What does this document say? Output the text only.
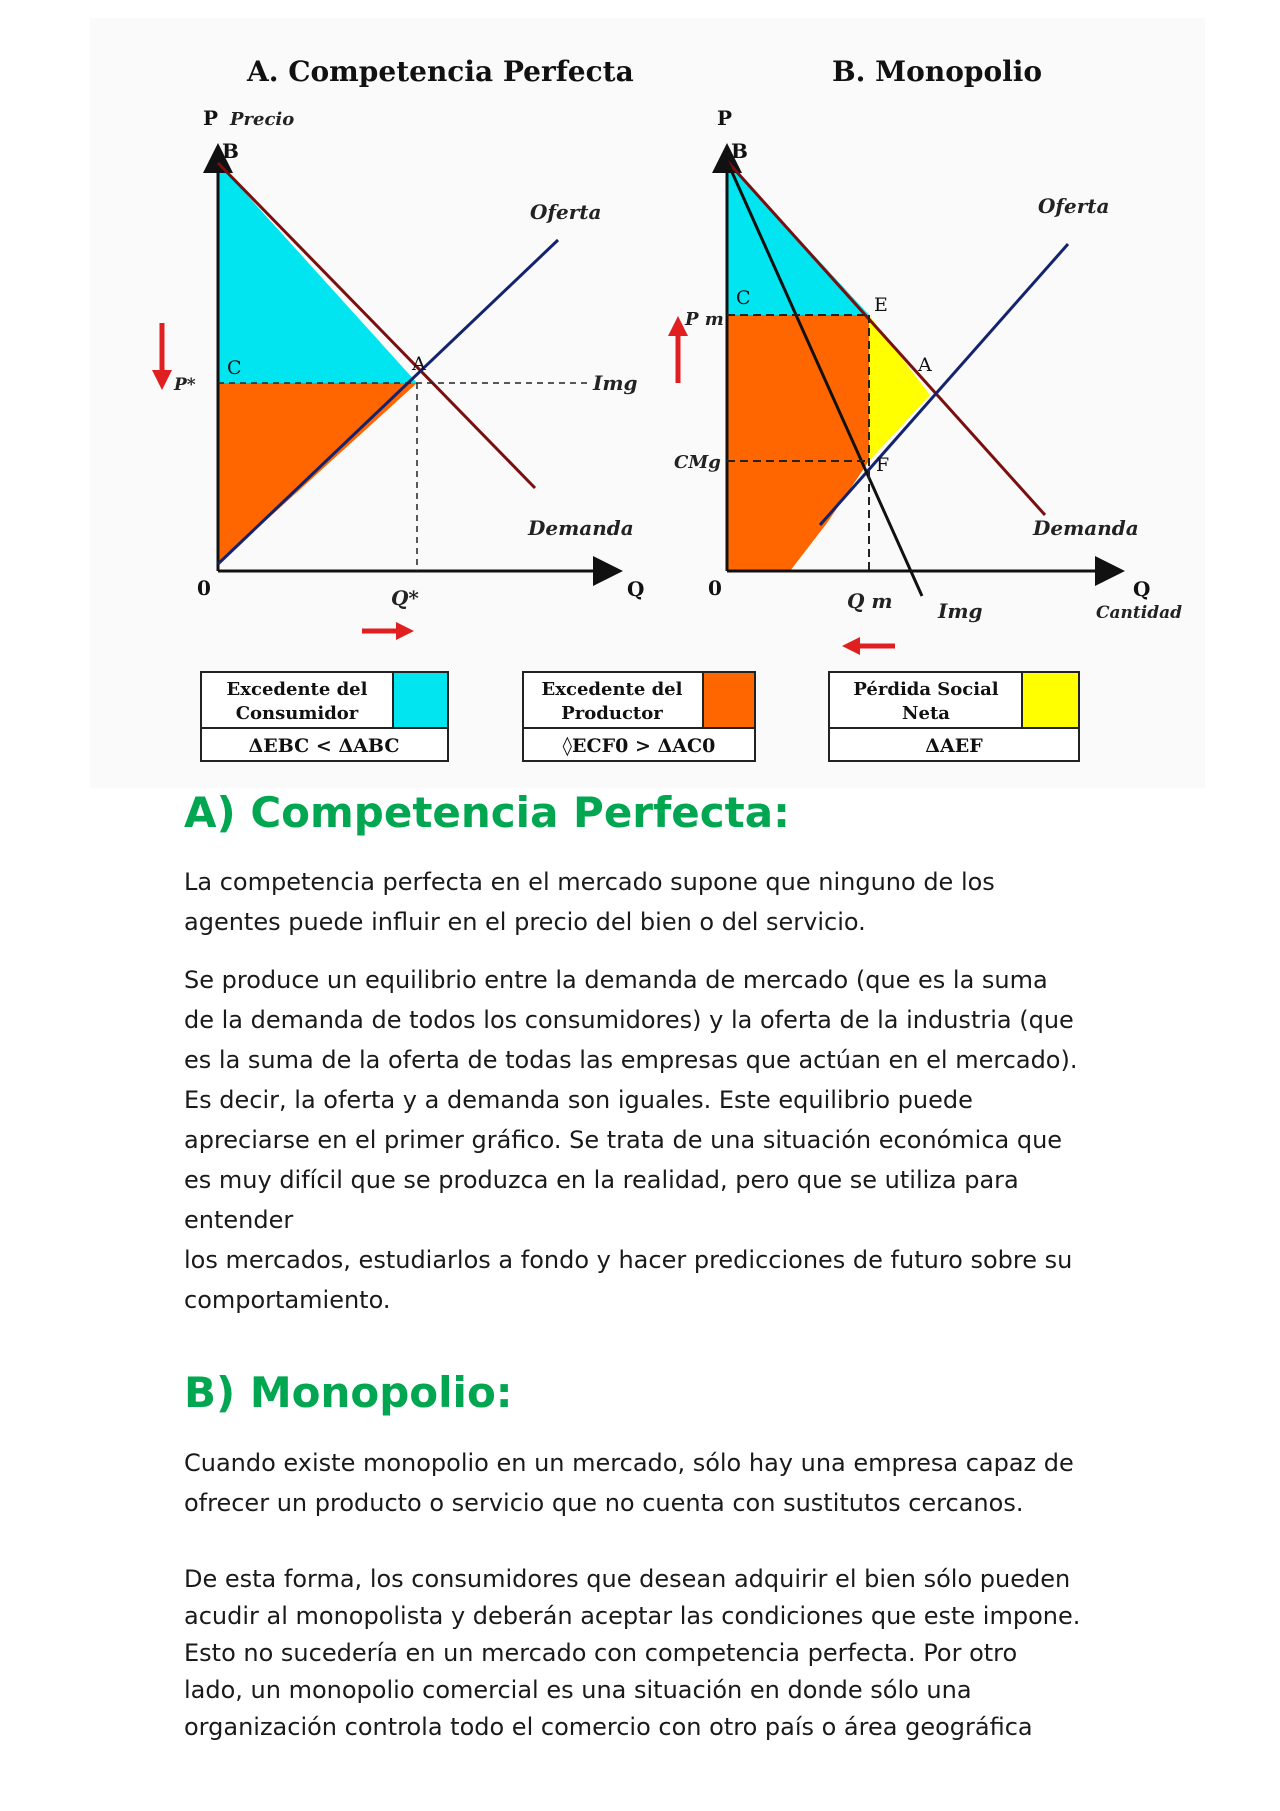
A. Competencia Perfecta
P Precio
B
C	A
P*	Img
Oferta
Demanda
0	Q
Q*
B. Monopolio
P
B
C	E
A
F
P m
CMg
Oferta
Demanda
0	Q
Cantidad
Q m Img
Excedente del
Consumidor
ΔEBC < ΔABC
Excedente del
Productor
◊ECF0 > ΔAC0
Pérdida Social
Neta
ΔAEF
A) Competencia Perfecta:

La competencia perfecta en el mercado supone que ninguno de los
agentes puede influir en el precio del bien o del servicio.

Se produce un equilibrio entre la demanda de mercado (que es la suma
de la demanda de todos los consumidores) y la oferta de la industria (que
es la suma de la oferta de todas las empresas que actúan en el mercado).
Es decir, la oferta y a demanda son iguales. Este equilibrio puede
apreciarse en el primer gráfico. Se trata de una situación económica que
es muy difícil que se produzca en la realidad, pero que se utiliza para
entender
los mercados, estudiarlos a fondo y hacer predicciones de futuro sobre su
comportamiento.

B) Monopolio:

Cuando existe monopolio en un mercado, sólo hay una empresa capaz de
ofrecer un producto o servicio que no cuenta con sustitutos cercanos.

De esta forma, los consumidores que desean adquirir el bien sólo pueden
acudir al monopolista y deberán aceptar las condiciones que este impone.
Esto no sucedería en un mercado con competencia perfecta. Por otro
lado, un monopolio comercial es una situación en donde sólo una
organización controla todo el comercio con otro país o área geográfica
